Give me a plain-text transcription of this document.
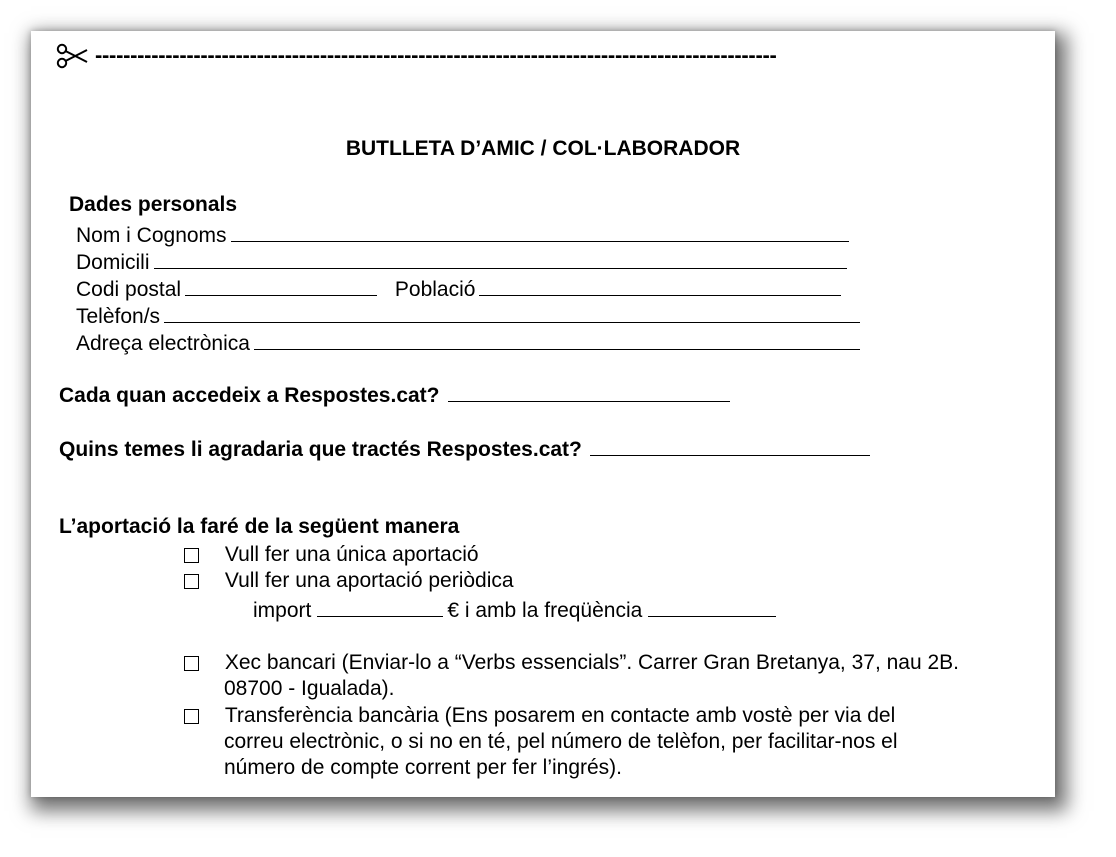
-------------------------------------------------------------------------------------------------
BUTLLETA D’AMIC / COL·LABORADOR
Dades personals
Nom i Cognoms
Domicili
Codi postal	Població
Telèfon/s
Adreça electrònica
Cada quan accedeix a Respostes.cat?
Quins temes li agradaria que tractés Respostes.cat?
L’aportació la faré de la següent manera
Vull fer una única aportació
Vull fer una aportació periòdica
import	€ i amb la freqüència
Xec bancari (Enviar-lo a “Verbs essencials”. Carrer Gran Bretanya, 37, nau 2B.
08700 - Igualada).
Transferència bancària (Ens posarem en contacte amb vostè per via del
correu electrònic, o si no en té, pel número de telèfon, per facilitar-nos el
número de compte corrent per fer l’ingrés).
